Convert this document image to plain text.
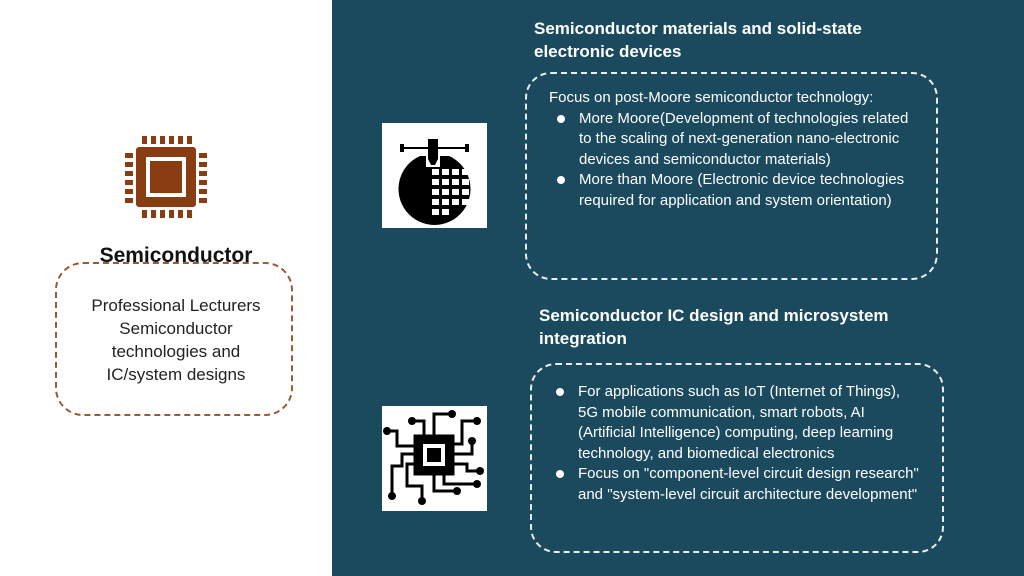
Semiconductor
Professional Lecturers
Semiconductor
technologies and
IC/system designs
Semiconductor materials and solid-state electronic devices
Focus on post-Moore semiconductor technology:
More Moore(Development of technologies related to the scaling of next-generation nano-electronic devices and semiconductor materials)
More than Moore (Electronic device technologies required for application and system orientation)
Semiconductor IC design and microsystem integration
For applications such as IoT (Internet of Things), 5G mobile communication, smart robots, AI (Artificial Intelligence) computing, deep learning technology, and biomedical electronics
Focus on "component-level circuit design research" and "system-level circuit architecture development"
